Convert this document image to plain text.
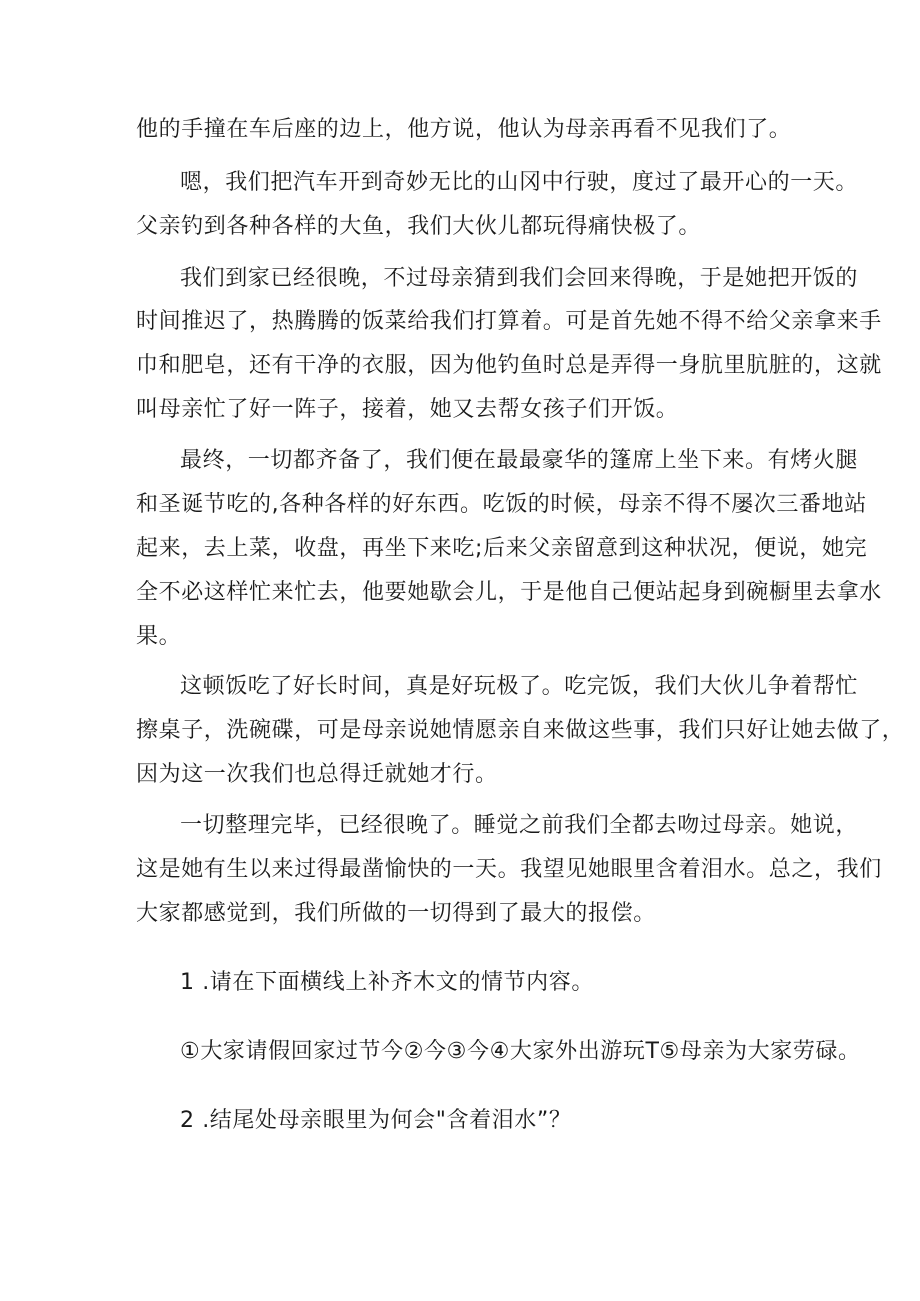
他的手撞在车后座的边上，他方说，他认为母亲再看不见我们了。
嗯，我们把汽车开到奇妙无比的山冈中行驶，度过了最开心的一天。
父亲钓到各种各样的大鱼，我们大伙儿都玩得痛快极了。
我们到家已经很晚，不过母亲猜到我们会回来得晚，于是她把开饭的
时间推迟了，热腾腾的饭菜给我们打算着。可是首先她不得不给父亲拿来手
巾和肥皂，还有干净的衣服，因为他钓鱼时总是弄得一身肮里肮脏的，这就
叫母亲忙了好一阵子，接着，她又去帮女孩子们开饭。
最终，一切都齐备了，我们便在最最豪华的篷席上坐下来。有烤火腿
和圣诞节吃的,各种各样的好东西。吃饭的时候，母亲不得不屡次三番地站
起来，去上菜，收盘，再坐下来吃;后来父亲留意到这种状况，便说，她完
全不必这样忙来忙去，他要她歇会儿，于是他自己便站起身到碗橱里去拿水
果。
这顿饭吃了好长时间，真是好玩极了。吃完饭，我们大伙儿争着帮忙
擦桌子，洗碗碟，可是母亲说她情愿亲自来做这些事，我们只好让她去做了，
因为这一次我们也总得迁就她才行。
一切整理完毕，已经很晚了。睡觉之前我们全都去吻过母亲。她说，
这是她有生以来过得最凿愉快的一天。我望见她眼里含着泪水。总之，我们
大家都感觉到，我们所做的一切得到了最大的报偿。
1 .请在下面横线上补齐木文的情节内容。
①大家请假回家过节今②今③今④大家外出游玩T⑤母亲为大家劳碌。
2 .结尾处母亲眼里为何会"含着泪水”？
